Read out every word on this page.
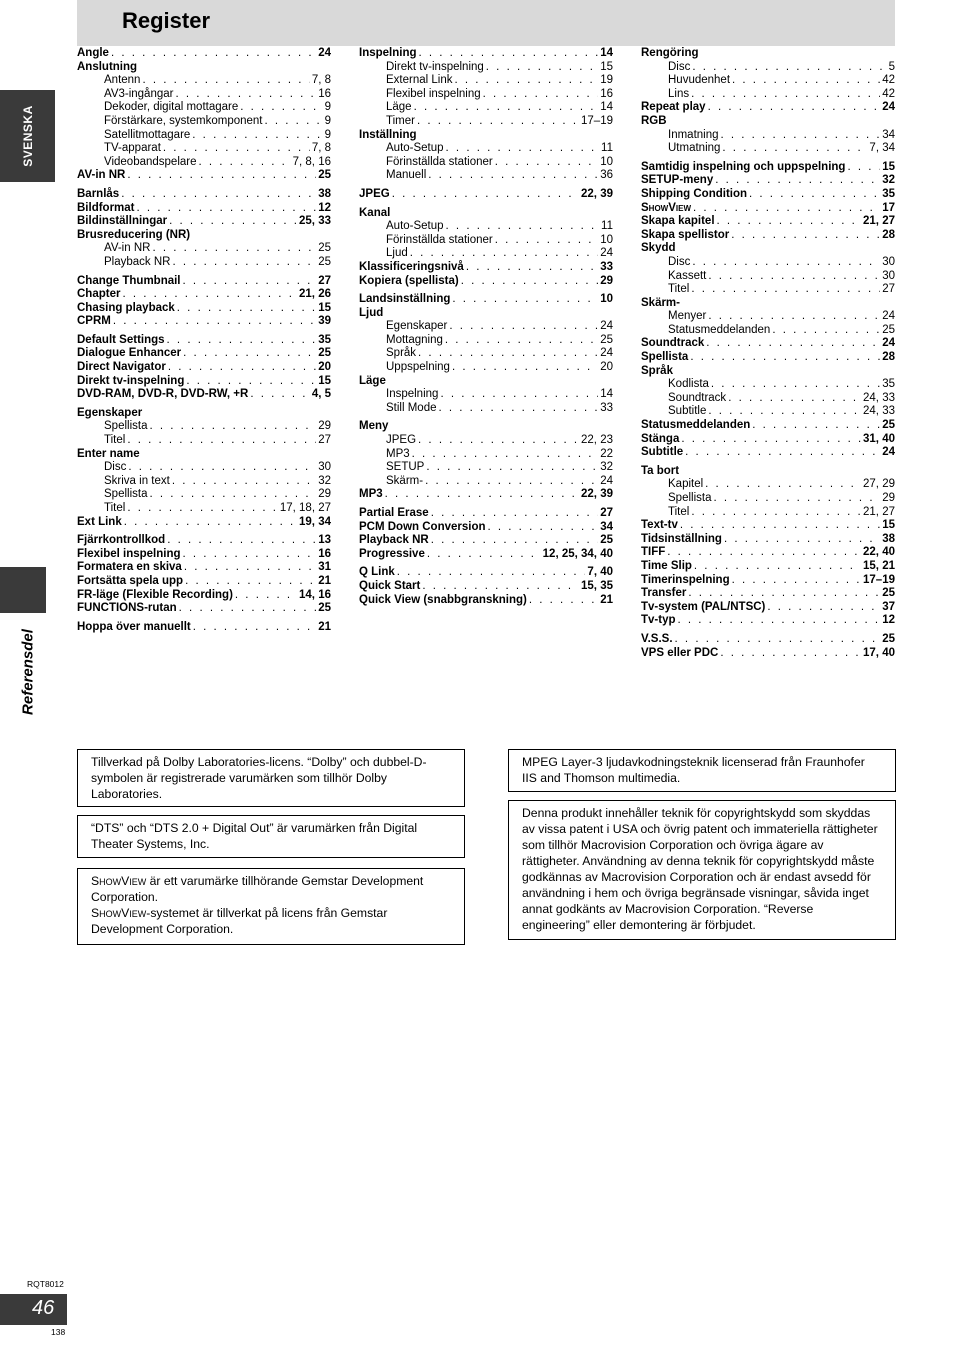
Register
SVENSKA
Referensdel
Angle . . .	24
Anslutning
Antenn . . .	7, 8
AV3-ingångar . . .	16
Dekoder, digital mottagare . . .	9
Förstärkare, systemkomponent . . .	9
Satellitmottagare . . .	9
TV-apparat . . .	7, 8
Videobandspelare . . .	7, 8, 16
AV-in NR . . .	25
Barnlås . . .	38
Bildformat . . .	12
Bildinställningar . . .	25, 33
Brusreducering (NR)
AV-in NR . . .	25
Playback NR . . .	25
Change Thumbnail . . .	27
Chapter . . .	21, 26
Chasing playback . . .	15
CPRM . . .	39
Default Settings . . .	35
Dialogue Enhancer . . .	25
Direct Navigator . . .	20
Direkt tv-inspelning . . .	15
DVD-RAM, DVD-R, DVD-RW, +R . . .	4, 5
Egenskaper
Spellista . . .	29
Titel . . .	27
Enter name
Disc . . .	30
Skriva in text . . .	32
Spellista . . .	29
Titel . . .	17, 18, 27
Ext Link . . .	19, 34
Fjärrkontrollkod . . .	13
Flexibel inspelning . . .	16
Formatera en skiva . . .	31
Fortsätta spela upp . . .	21
FR-läge (Flexible Recording) . . .	14, 16
FUNCTIONS-rutan . . .	25
Hoppa över manuellt . . .	21
Inspelning . . .	14
Direkt tv-inspelning . . .	15
External Link . . .	19
Flexibel inspelning . . .	16
Läge . . .	14
Timer . . .	17–19
Inställning
Auto-Setup . . .	11
Förinställda stationer . . .	10
Manuell . . .	36
JPEG . . .	22, 39
Kanal
Auto-Setup . . .	11
Förinställda stationer . . .	10
Ljud . . .	24
Klassificeringsnivå . . .	33
Kopiera (spellista) . . .	29
Landsinställning . . .	10
Ljud
Egenskaper . . .	24
Mottagning . . .	25
Språk . . .	24
Uppspelning . . .	20
Läge
Inspelning . . .	14
Still Mode . . .	33
Meny
JPEG . . .	22, 23
MP3 . . .	22
SETUP . . .	32
Skärm- . . .	24
MP3 . . .	22, 39
Partial Erase . . .	27
PCM Down Conversion . . .	34
Playback NR . . .	25
Progressive . . .	12, 25, 34, 40
Q Link . . .	7, 40
Quick Start . . .	15, 35
Quick View (snabbgranskning) . . .	21
Rengöring
Disc . . .	5
Huvudenhet . . .	42
Lins . . .	42
Repeat play . . .	24
RGB
Inmatning . . .	34
Utmatning . . .	7, 34
Samtidig inspelning och uppspelning . . .	15
SETUP-meny . . .	32
Shipping Condition . . .	35
ShowView . . .	17
Skapa kapitel . . .	21, 27
Skapa spellistor . . .	28
Skydd
Disc . . .	30
Kassett . . .	30
Titel . . .	27
Skärm-
Menyer . . .	24
Statusmeddelanden . . .	25
Soundtrack . . .	24
Spellista . . .	28
Språk
Kodlista . . .	35
Soundtrack . . .	24, 33
Subtitle . . .	24, 33
Statusmeddelanden . . .	25
Stänga . . .	31, 40
Subtitle . . .	24
Ta bort
Kapitel . . .	27, 29
Spellista . . .	29
Titel . . .	21, 27
Text-tv . . .	15
Tidsinställning . . .	38
TIFF . . .	22, 40
Time Slip . . .	15, 21
Timerinspelning . . .	17–19
Transfer . . .	25
Tv-system (PAL/NTSC) . . .	37
Tv-typ . . .	12
V.S.S. . . .	25
VPS eller PDC . . .	17, 40

Tillverkad på Dolby Laboratories-licens. “Dolby” och dubbel-D-symbolen är registrerade varumärken som tillhör Dolby Laboratories.

“DTS” och “DTS 2.0 + Digital Out” är varumärken från Digital Theater Systems, Inc.

ShowView är ett varumärke tillhörande Gemstar Development Corporation.

ShowView-systemet är tillverkat på licens från Gemstar Development Corporation.

MPEG Layer-3 ljudavkodningsteknik licenserad från Fraunhofer IIS and Thomson multimedia.

Denna produkt innehåller teknik för copyrightskydd som skyddas av vissa patent i USA och övrig patent och immateriella rättigheter som tillhör Macrovision Corporation och övriga ägare av rättigheter. Användning av denna teknik för copyrightskydd måste godkännas av Macrovision Corporation och är endast avsedd för användning i hem och övriga begränsade visningar, såvida inget annat godkänts av Macrovision Corporation. “Reverse engineering” eller demontering är förbjudet.

RQT8012
46
138
